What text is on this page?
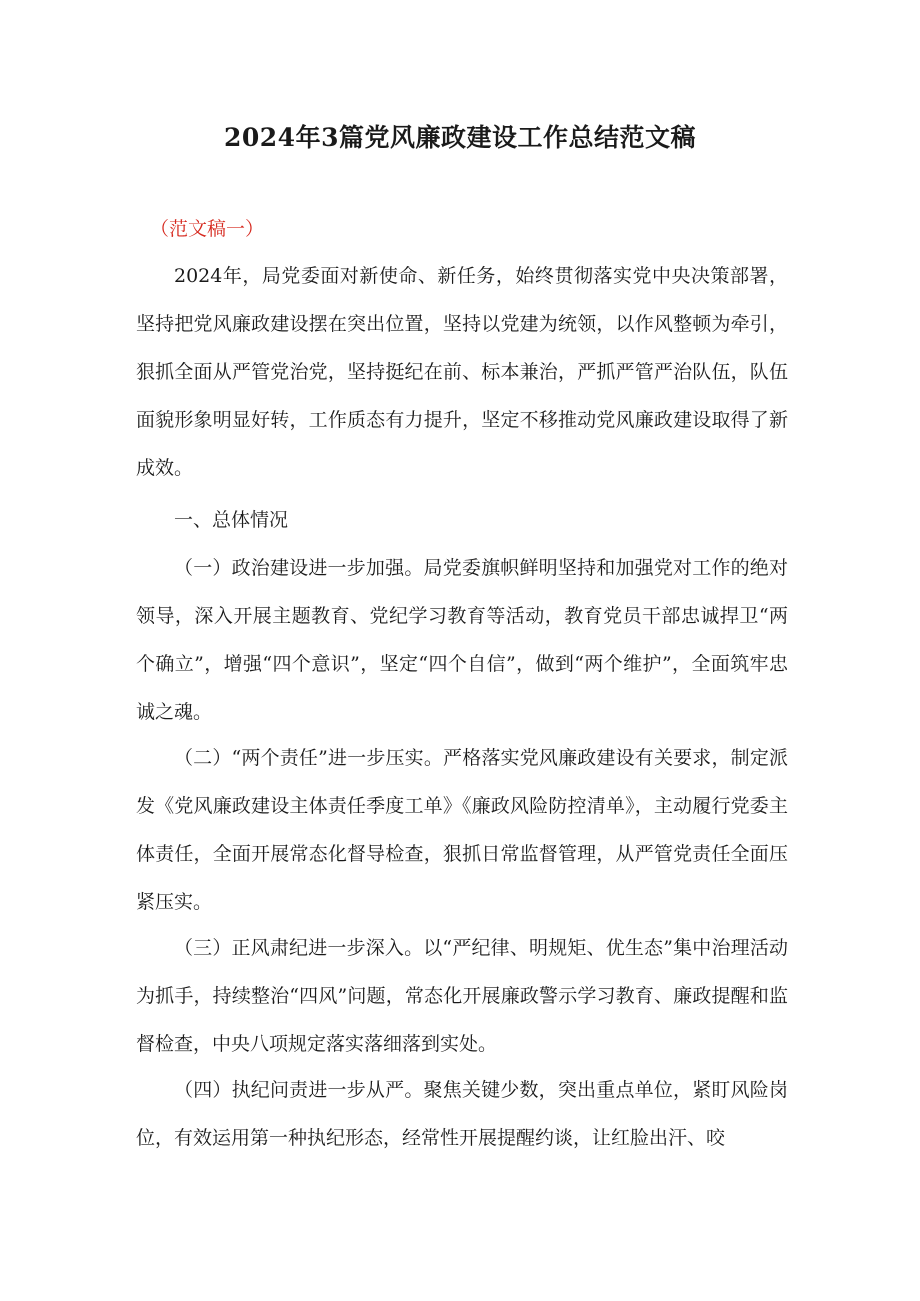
2024年3篇党风廉政建设工作总结范文稿
（范文稿一）

2024年，局党委面对新使命、新任务，始终贯彻落实党中央决策部署，坚持把党风廉政建设摆在突出位置，坚持以党建为统领，以作风整顿为牵引，狠抓全面从严管党治党，坚持挺纪在前、标本兼治，严抓严管严治队伍，队伍面貌形象明显好转，工作质态有力提升，坚定不移推动党风廉政建设取得了新成效。

一、总体情况

（一）政治建设进一步加强。局党委旗帜鲜明坚持和加强党对工作的绝对领导，深入开展主题教育、党纪学习教育等活动，教育党员干部忠诚捍卫“两个确立”，增强“四个意识”，坚定“四个自信”，做到“两个维护”，全面筑牢忠诚之魂。

（二）“两个责任”进一步压实。严格落实党风廉政建设有关要求，制定派发《党风廉政建设主体责任季度工单》《廉政风险防控清单》，主动履行党委主体责任，全面开展常态化督导检查，狠抓日常监督管理，从严管党责任全面压紧压实。

（三）正风肃纪进一步深入。以“严纪律、明规矩、优生态”集中治理活动为抓手，持续整治“四风”问题，常态化开展廉政警示学习教育、廉政提醒和监督检查，中央八项规定落实落细落到实处。

（四）执纪问责进一步从严。聚焦关键少数，突出重点单位，紧盯风险岗位，有效运用第一种执纪形态，经常性开展提醒约谈，让红脸出汗、咬
